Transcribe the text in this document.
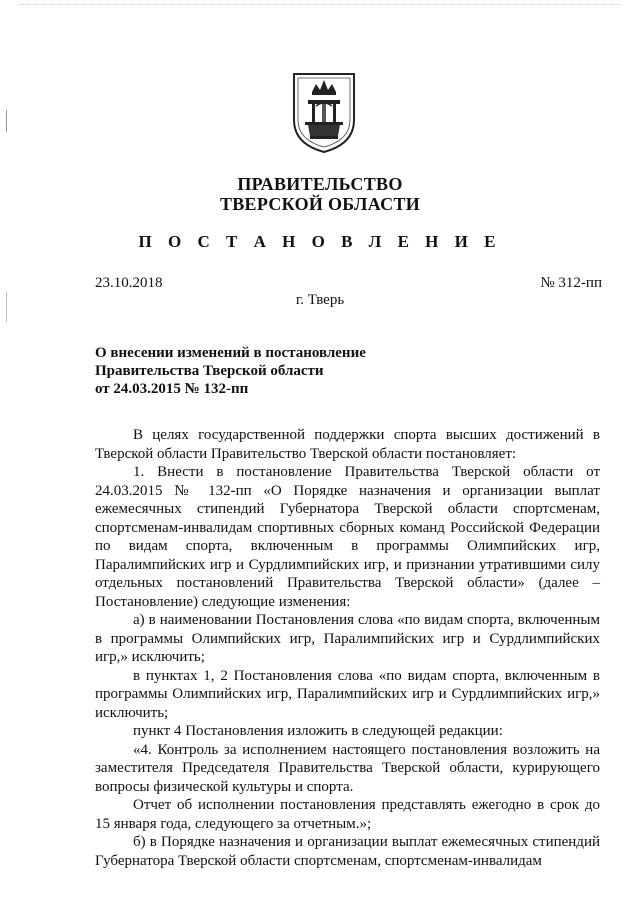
ПРАВИТЕЛЬСТВО
ТВЕРСКОЙ ОБЛАСТИ
П О С Т А Н О В Л Е Н И Е
23.10.2018	№ 312-пп
г. Тверь
О внесении изменений в постановление
Правительства Тверской области
от 24.03.2015 № 132-пп

В целях государственной поддержки спорта высших достижений в Тверской области Правительство Тверской области постановляет:

1. Внести в постановление Правительства Тверской области от 24.03.2015 № 132-пп «О Порядке назначения и организации выплат ежемесячных стипендий Губернатора Тверской области спортсменам, спортсменам-инвалидам спортивных сборных команд Российской Федерации по видам спорта, включенным в программы Олимпийских игр, Паралимпийских игр и Сурдлимпийских игр, и признании утратившими силу отдельных постановлений Правительства Тверской области» (далее – Постановление) следующие изменения:

а) в наименовании Постановления слова «по видам спорта, включенным в программы Олимпийских игр, Паралимпийских игр и Сурдлимпийских игр,» исключить;

в пунктах 1, 2 Постановления слова «по видам спорта, включенным в программы Олимпийских игр, Паралимпийских игр и Сурдлимпийских игр,» исключить;

пункт 4 Постановления изложить в следующей редакции:

«4. Контроль за исполнением настоящего постановления возложить на заместителя Председателя Правительства Тверской области, курирующего вопросы физической культуры и спорта.

Отчет об исполнении постановления представлять ежегодно в срок до 15 января года, следующего за отчетным.»;

б) в Порядке назначения и организации выплат ежемесячных стипендий Губернатора Тверской области спортсменам, спортсменам-инвалидам
